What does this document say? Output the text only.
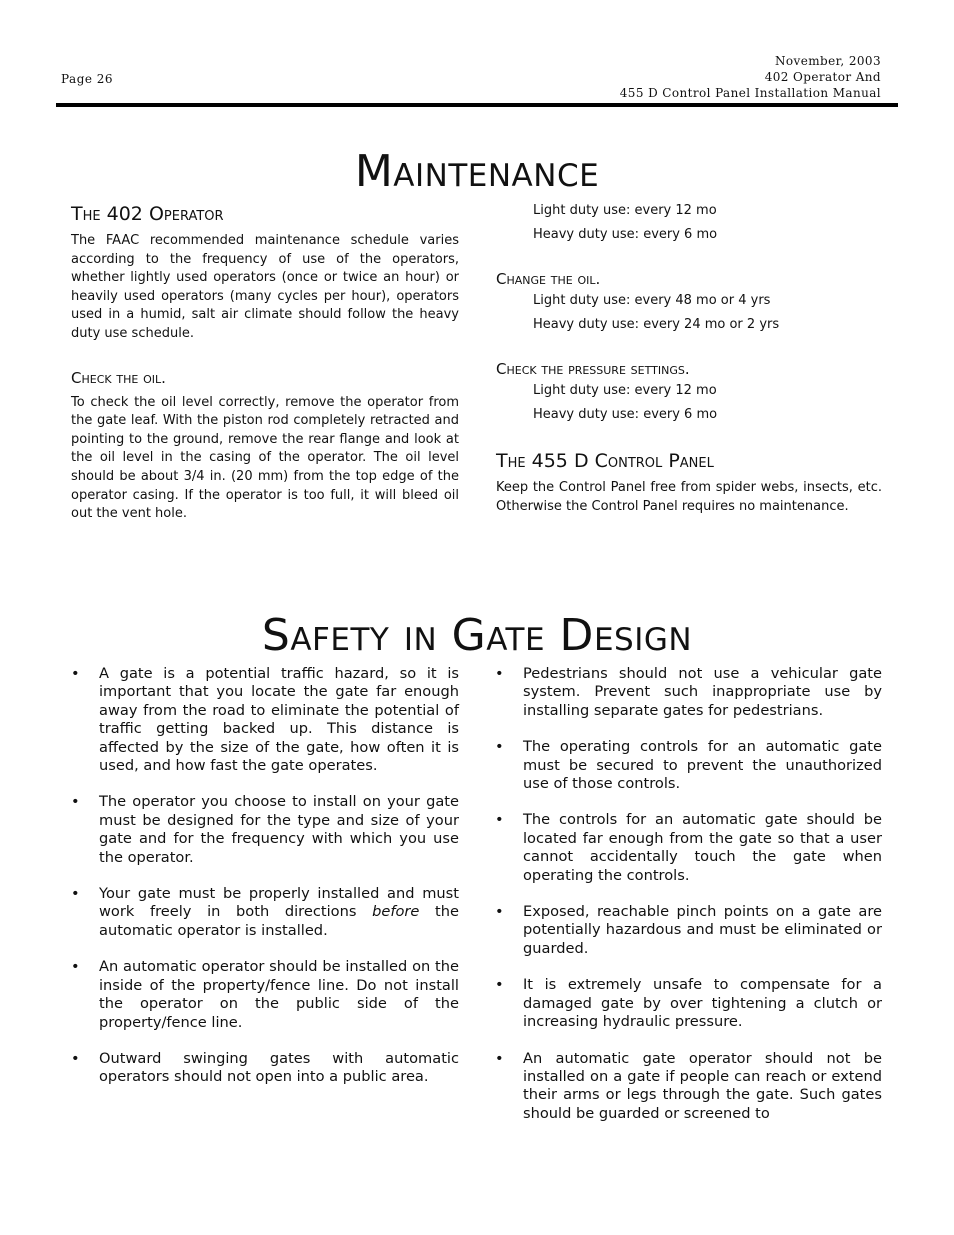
Page 26
November, 2003
402 Operator And
455 D Control Panel Installation Manual
Maintenance
The 402 Operator
The FAAC recommended maintenance schedule varies according to the frequency of use of the operators, whether lightly used operators (once or twice an hour) or heavily used operators (many cycles per hour), operators used in a humid, salt air climate should follow the heavy duty use schedule.
Check the oil.
To check the oil level correctly, remove the operator from the gate leaf. With the piston rod completely retracted and pointing to the ground, remove the rear flange and look at the oil level in the casing of the operator. The oil level should be about 3/4 in. (20 mm) from the top edge of the operator casing. If the operator is too full, it will bleed oil out the vent hole.
Light duty use: every 12 mo
Heavy duty use: every 6 mo
Change the oil.
Light duty use: every 48 mo or 4 yrs
Heavy duty use: every 24 mo or 2 yrs
Check the pressure settings.
Light duty use: every 12 mo
Heavy duty use: every 6 mo
The 455 D Control Panel
Keep the Control Panel free from spider webs, insects, etc. Otherwise the Control Panel requires no maintenance.
Safety in Gate Design
• A gate is a potential traffic hazard, so it is important that you locate the gate far enough away from the road to eliminate the potential of traffic getting backed up. This distance is affected by the size of the gate, how often it is used, and how fast the gate operates.
• The operator you choose to install on your gate must be designed for the type and size of your gate and for the frequency with which you use the operator.
• Your gate must be properly installed and must work freely in both directions before the automatic operator is installed.
• An automatic operator should be installed on the inside of the property/fence line. Do not install the operator on the public side of the property/fence line.
• Outward swinging gates with automatic operators should not open into a public area.
• Pedestrians should not use a vehicular gate system. Prevent such inappropriate use by installing separate gates for pedestrians.
• The operating controls for an automatic gate must be secured to prevent the unauthorized use of those controls.
• The controls for an automatic gate should be located far enough from the gate so that a user cannot accidentally touch the gate when operating the controls.
• Exposed, reachable pinch points on a gate are potentially hazardous and must be eliminated or guarded.
• It is extremely unsafe to compensate for a damaged gate by over tightening a clutch or increasing hydraulic pressure.
• An automatic gate operator should not be installed on a gate if people can reach or extend their arms or legs through the gate. Such gates should be guarded or screened to
